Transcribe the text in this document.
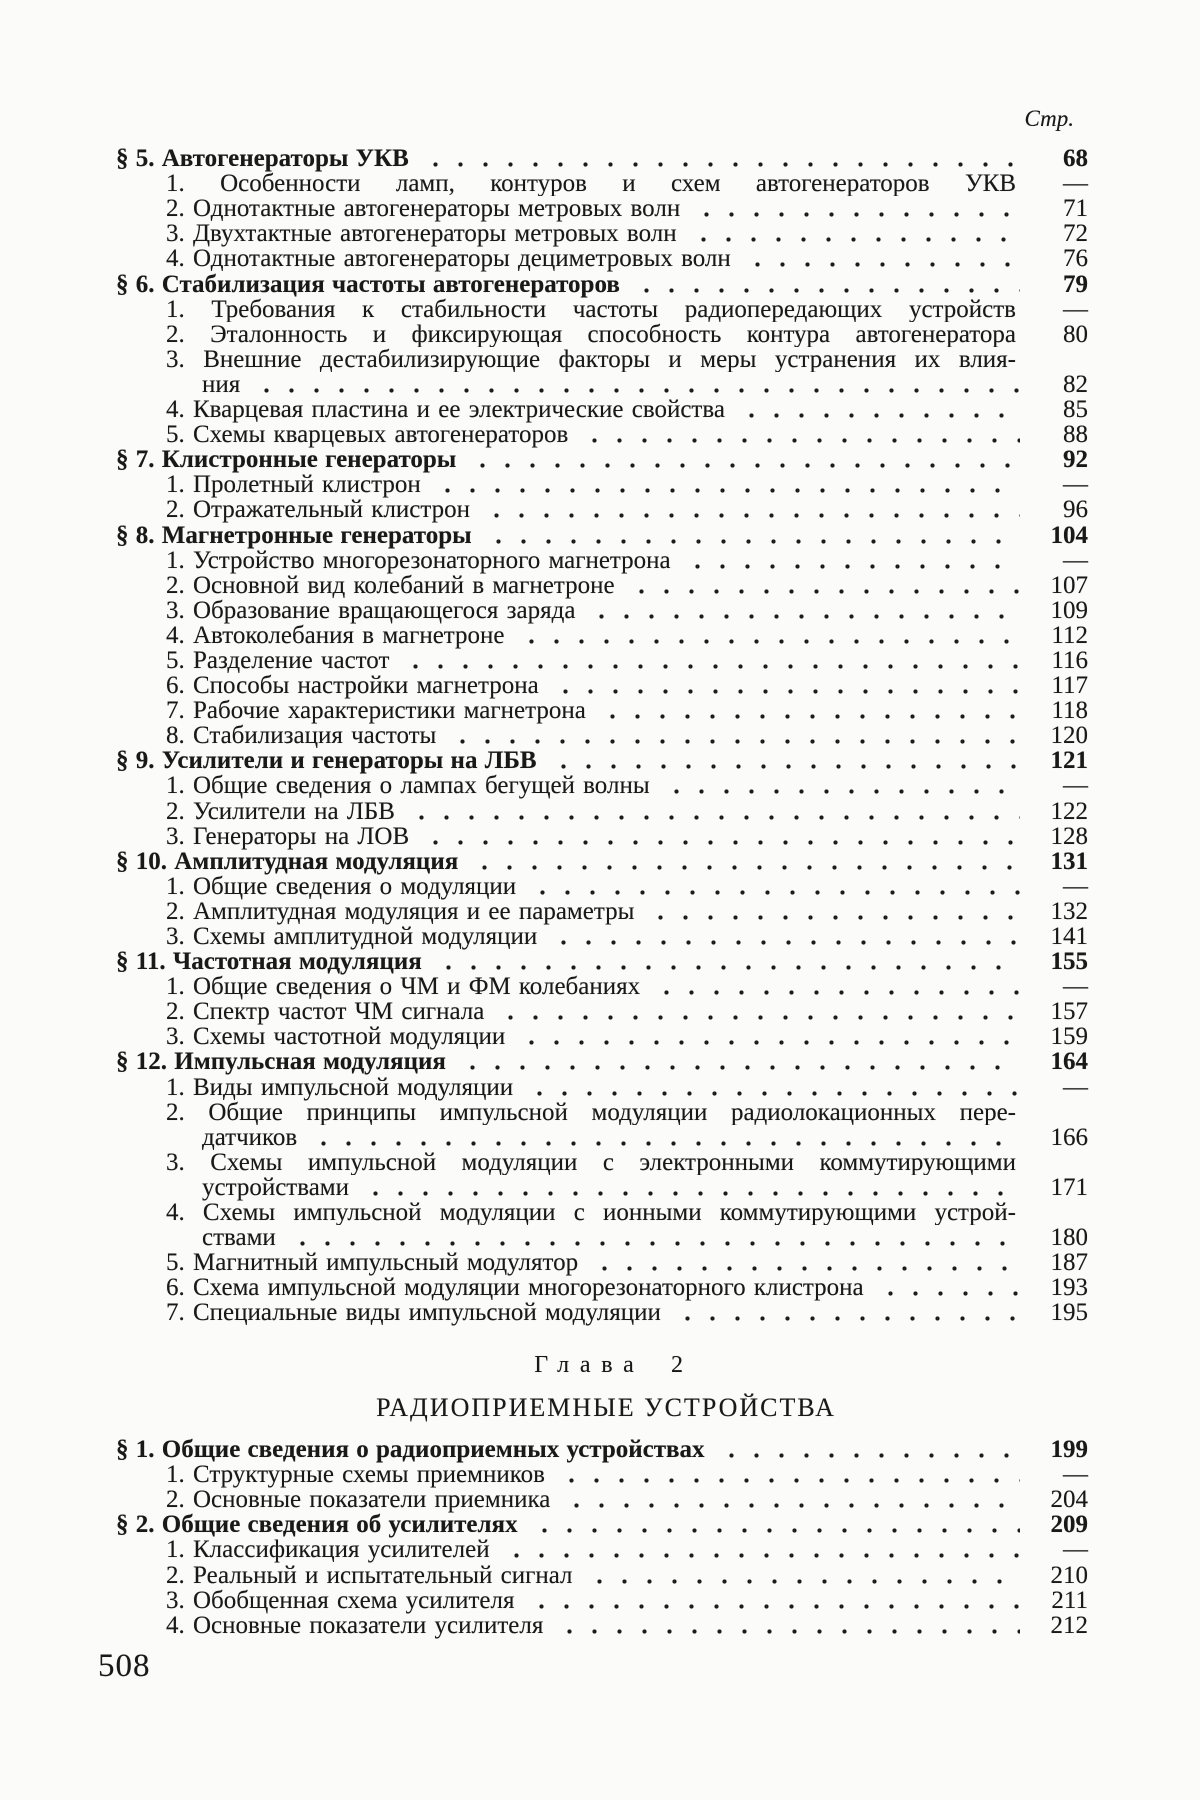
Стр.
§ 5. Автогенераторы УКВ	68
1. Особенности ламп, контуров и схем автогенераторов УКВ	—
2. Однотактные автогенераторы метровых волн	71
3. Двухтактные автогенераторы метровых волн	72
4. Однотактные автогенераторы дециметровых волн	76
§ 6. Стабилизация частоты автогенераторов	79
1. Требования к стабильности частоты радиопередающих устройств	—
2. Эталонность и фиксирующая способность контура автогенератора	80
3. Внешние дестабилизирующие факторы и меры устранения их влия-
ния	82
4. Кварцевая пластина и ее электрические свойства	85
5. Схемы кварцевых автогенераторов	88
§ 7. Клистронные генераторы	92
1. Пролетный клистрон	—
2. Отражательный клистрон	96
§ 8. Магнетронные генераторы	104
1. Устройство многорезонаторного магнетрона	—
2. Основной вид колебаний в магнетроне	107
3. Образование вращающегося заряда	109
4. Автоколебания в магнетроне	112
5. Разделение частот	116
6. Способы настройки магнетрона	117
7. Рабочие характеристики магнетрона	118
8. Стабилизация частоты	120
§ 9. Усилители и генераторы на ЛБВ	121
1. Общие сведения о лампах бегущей волны	—
2. Усилители на ЛБВ	122
3. Генераторы на ЛОВ	128
§ 10. Амплитудная модуляция	131
1. Общие сведения о модуляции	—
2. Амплитудная модуляция и ее параметры	132
3. Схемы амплитудной модуляции	141
§ 11. Частотная модуляция	155
1. Общие сведения о ЧМ и ФМ колебаниях	—
2. Спектр частот ЧМ сигнала	157
3. Схемы частотной модуляции	159
§ 12. Импульсная модуляция	164
1. Виды импульсной модуляции	—
2. Общие принципы импульсной модуляции радиолокационных пере-
датчиков	166
3. Схемы импульсной модуляции с электронными коммутирующими
устройствами	171
4. Схемы импульсной модуляции с ионными коммутирующими устрой-
ствами	180
5. Магнитный импульсный модулятор	187
6. Схема импульсной модуляции многорезонаторного клистрона	193
7. Специальные виды импульсной модуляции	195
Глава 2
РАДИОПРИЕМНЫЕ УСТРОЙСТВА
§ 1. Общие сведения о радиоприемных устройствах	199
1. Структурные схемы приемников	—
2. Основные показатели приемника	204
§ 2. Общие сведения об усилителях	209
1. Классификация усилителей	—
2. Реальный и испытательный сигнал	210
3. Обобщенная схема усилителя	211
4. Основные показатели усилителя	212
508
